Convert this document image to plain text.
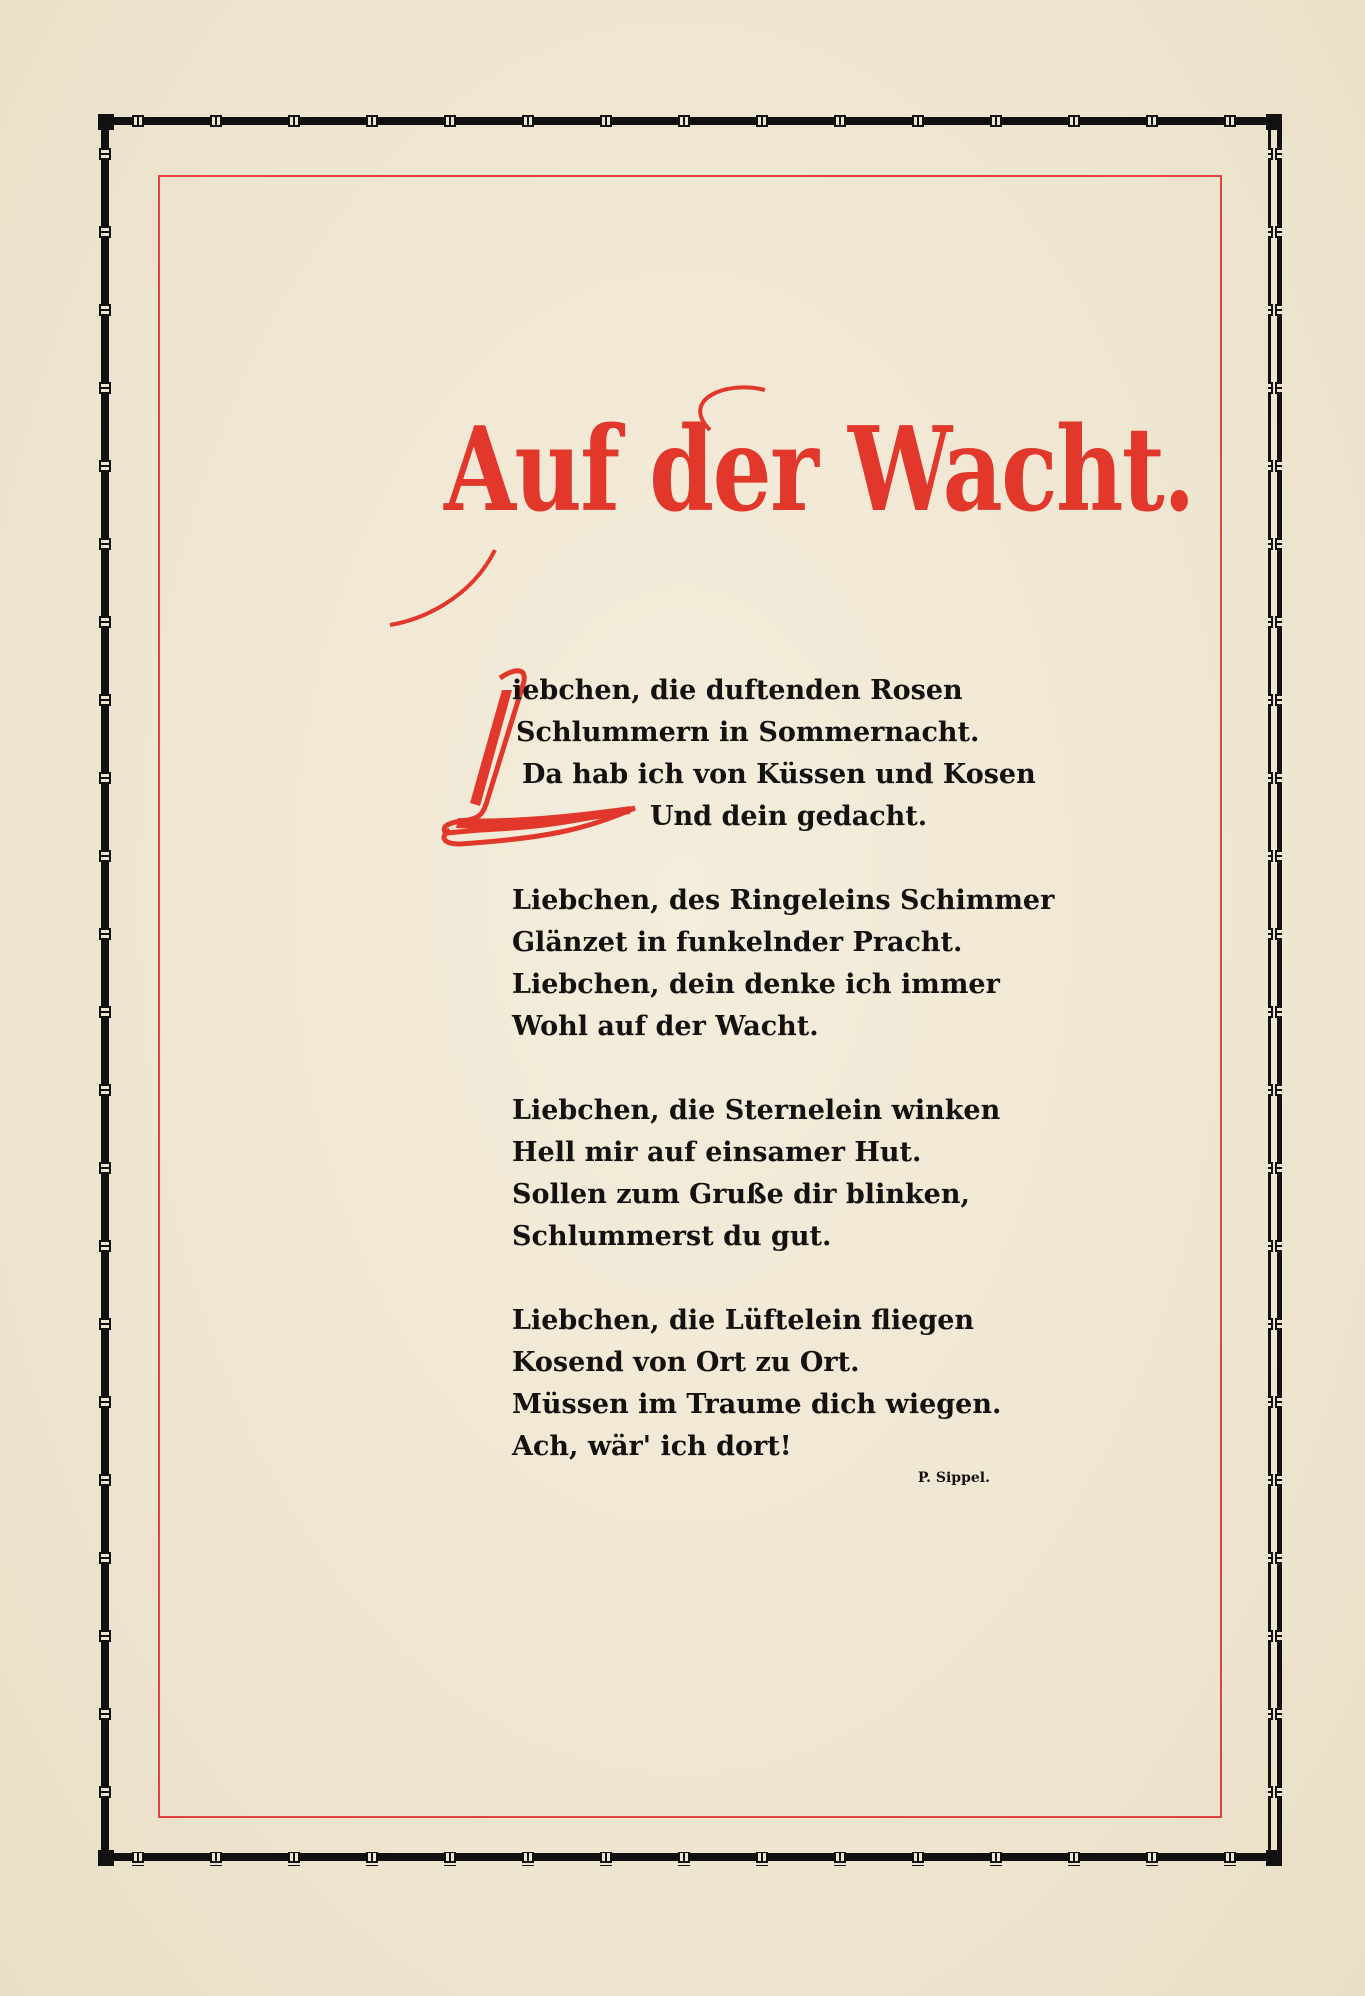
Auf der Wacht.
iebchen, die duftenden Rosen
Schlummern in Sommernacht.
Da hab ich von Küssen und Kosen
Und dein gedacht.
Liebchen, des Ringeleins Schimmer
Glänzet in funkelnder Pracht.
Liebchen, dein denke ich immer
Wohl auf der Wacht.
Liebchen, die Sternelein winken
Hell mir auf einsamer Hut.
Sollen zum Gruße dir blinken,
Schlummerst du gut.
Liebchen, die Lüftelein fliegen
Kosend von Ort zu Ort.
Müssen im Traume dich wiegen.
Ach, wär' ich dort!
P. Sippel.
